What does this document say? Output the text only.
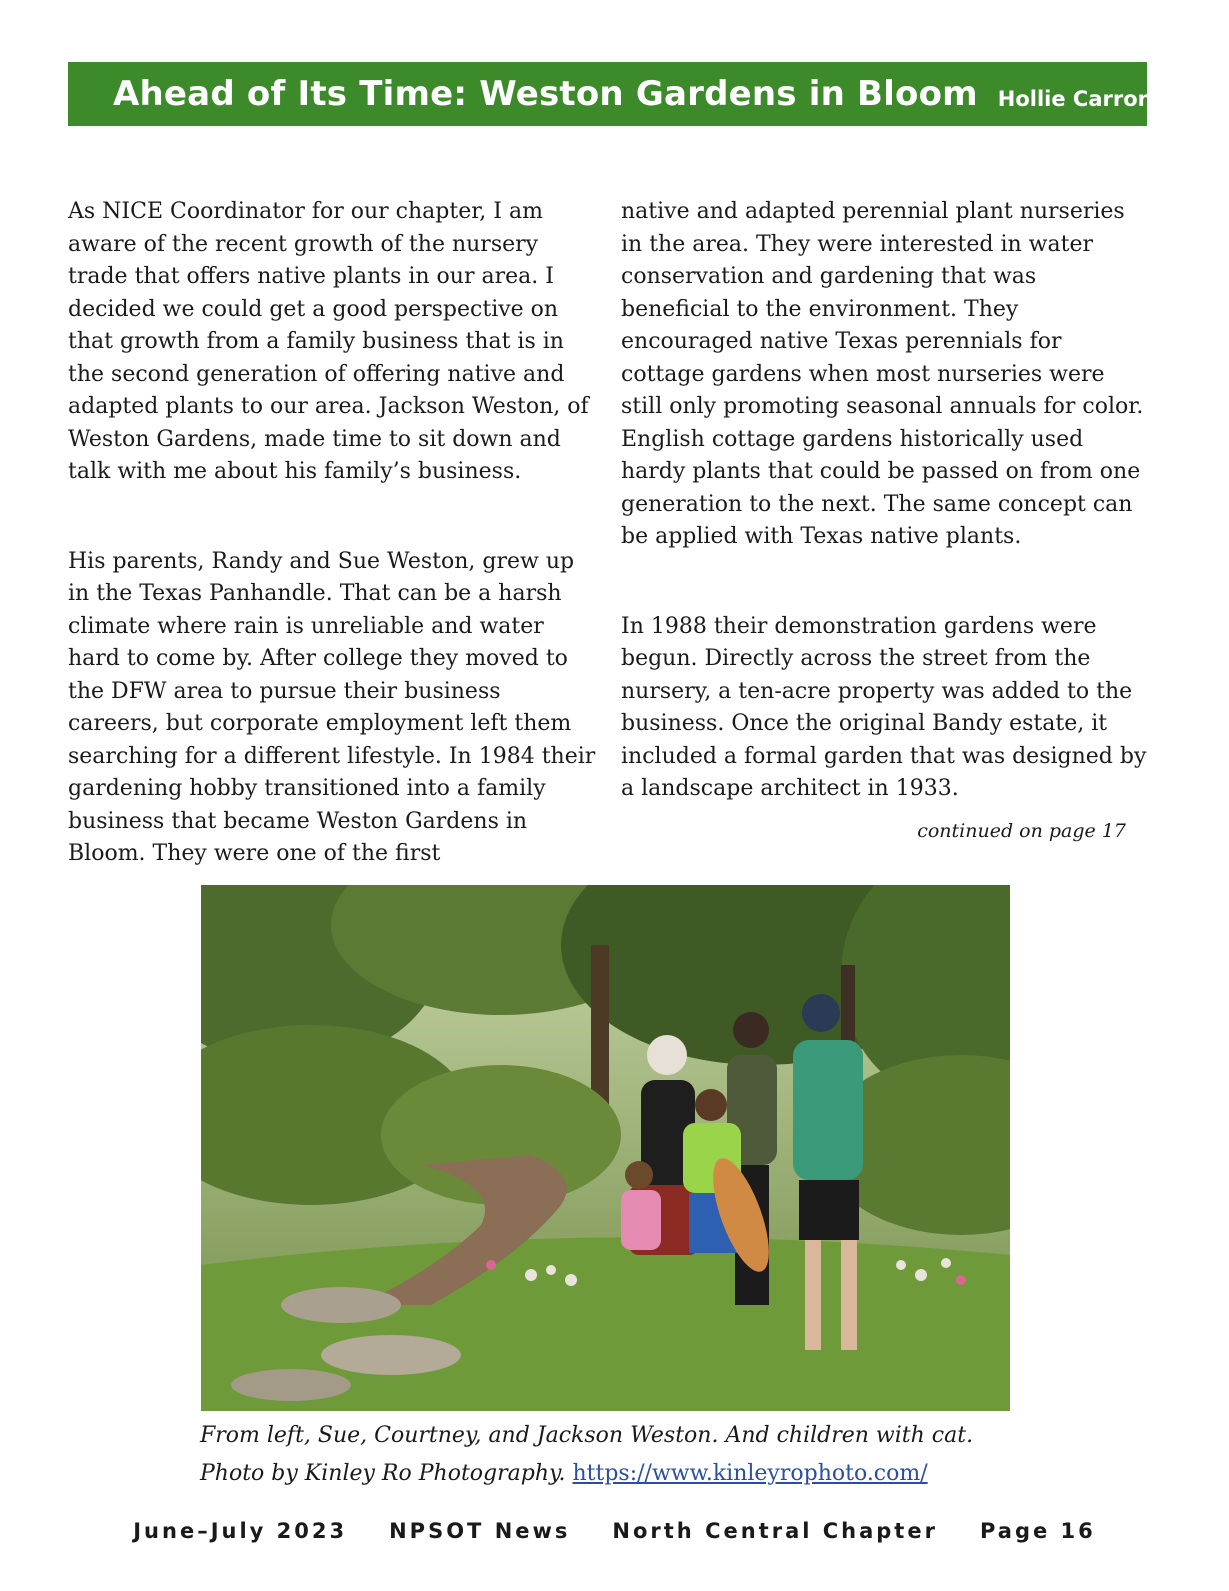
Ahead of Its Time: Weston Gardens in Bloom Hollie Carron

As NICE Coordinator for our chapter, I am aware of the recent growth of the nursery trade that offers native plants in our area. I decided we could get a good perspective on that growth from a family business that is in the second generation of offering native and adapted plants to our area. Jackson Weston, of Weston Gardens, made time to sit down and talk with me about his family’s business.

His parents, Randy and Sue Weston, grew up in the Texas Panhandle. That can be a harsh climate where rain is unreliable and water hard to come by. After college they moved to the DFW area to pursue their business careers, but corporate employment left them searching for a different lifestyle. In 1984 their gardening hobby transitioned into a family business that became Weston Gardens in Bloom. They were one of the first

native and adapted perennial plant nurseries in the area. They were interested in water conservation and gardening that was beneficial to the environment. They encouraged native Texas perennials for cottage gardens when most nurseries were still only promoting seasonal annuals for color. English cottage gardens historically used hardy plants that could be passed on from one generation to the next. The same concept can be applied with Texas native plants.

In 1988 their demonstration gardens were begun. Directly across the street from the nursery, a ten-acre property was added to the business. Once the original Bandy estate, it included a formal garden that was designed by a landscape architect in 1933.

continued on page 17

From left, Sue, Courtney, and Jackson Weston. And children with cat.

Photo by Kinley Ro Photography. https://www.kinleyrophoto.com/

June–July 2023 NPSOT News North Central Chapter Page 16
